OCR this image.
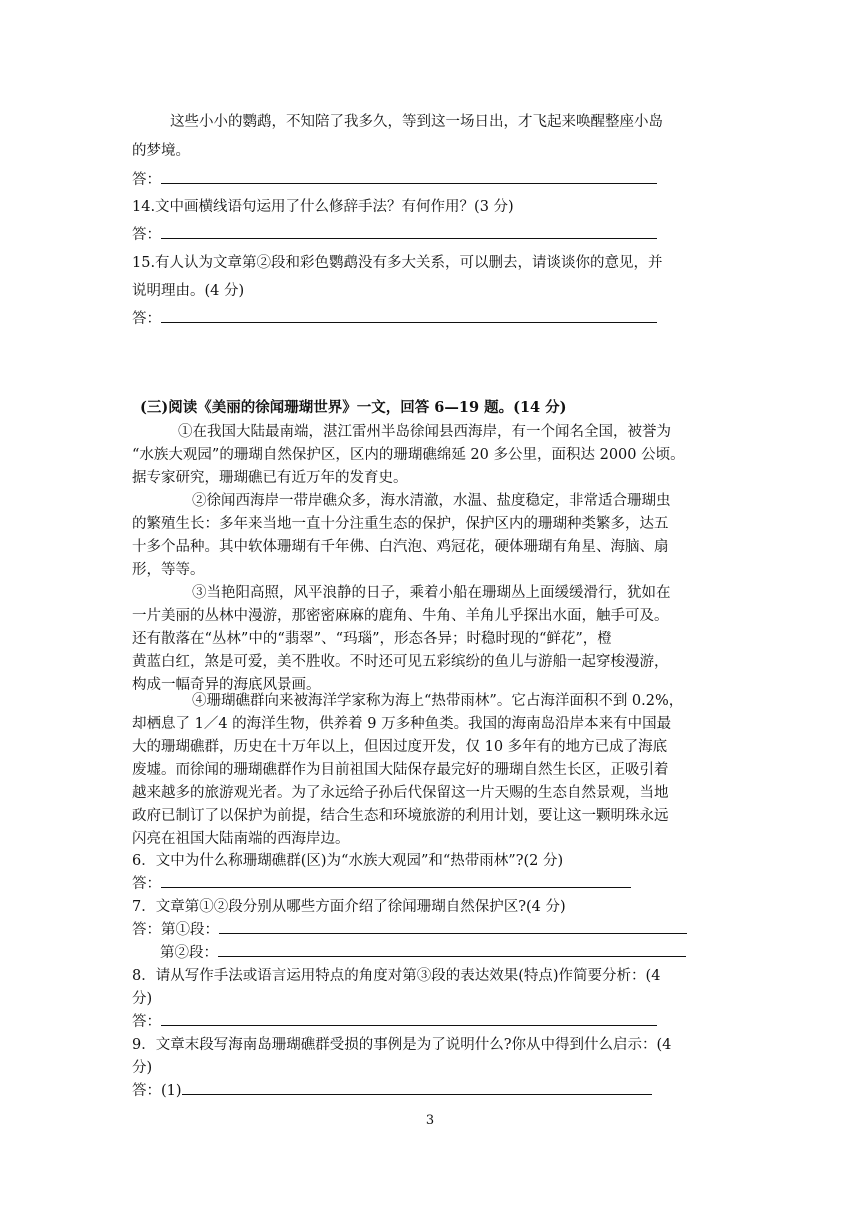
这些小小的鹦鹉，不知陪了我多久，等到这一场日出，才飞起来唤醒整座小岛
的梦境。
答：
14.文中画横线语句运用了什么修辞手法？有何作用？(3 分)
答：
15.有人认为文章第②段和彩色鹦鹉没有多大关系，可以删去，请谈谈你的意见，并
说明理由。(4 分)
答：
(三)阅读《美丽的徐闻珊瑚世界》一文，回答 6—19 题。(14 分)
①在我国大陆最南端，湛江雷州半岛徐闻县西海岸，有一个闻名全国，被誉为
“水族大观园”的珊瑚自然保护区，区内的珊瑚礁绵延 20 多公里，面积达 2000 公顷。
据专家研究，珊瑚礁已有近万年的发育史。
②徐闻西海岸一带岸礁众多，海水清澈，水温、盐度稳定，非常适合珊瑚虫
的繁殖生长：多年来当地一直十分注重生态的保护，保护区内的珊瑚种类繁多，达五
十多个品种。其中软体珊瑚有千年佛、白汽泡、鸡冠花，硬体珊瑚有角星、海脑、扇
形，等等。
③当艳阳高照，风平浪静的日子，乘着小船在珊瑚丛上面缓缓滑行，犹如在
一片美丽的丛林中漫游，那密密麻麻的鹿角、牛角、羊角儿乎探出水面，触手可及。
还有散落在“丛林”中的“翡翠”、“玛瑙”，形态各异；时稳时现的“鲜花”，橙
黄蓝白红，煞是可爱，美不胜收。不时还可见五彩缤纷的鱼儿与游船一起穿梭漫游，
构成一幅奇异的海底风景画。
④珊瑚礁群向来被海洋学家称为海上“热带雨林”。它占海洋面积不到 0.2%，
却栖息了 1／4 的海洋生物，供养着 9 万多种鱼类。我国的海南岛沿岸本来有中国最
大的珊瑚礁群，历史在十万年以上，但因过度开发，仅 10 多年有的地方已成了海底
废墟。而徐闻的珊瑚礁群作为目前祖国大陆保存最完好的珊瑚自然生长区，正吸引着
越来越多的旅游观光者。为了永远给子孙后代保留这一片天赐的生态自然景观，当地
政府已制订了以保护为前提，结合生态和环境旅游的利用计划，要让这一颗明珠永远
闪亮在祖国大陆南端的西海岸边。
6．文中为什么称珊瑚礁群(区)为“水族大观园”和“热带雨林”?(2 分)
答：
7．文章第①②段分别从哪些方面介绍了徐闻珊瑚自然保护区?(4 分)
答：第①段：
第②段：
8．请从写作手法或语言运用特点的角度对第③段的表达效果(特点)作简要分析：(4
分)
答：
9．文章末段写海南岛珊瑚礁群受损的事例是为了说明什么?你从中得到什么启示：(4
分)
答：(1)
3
